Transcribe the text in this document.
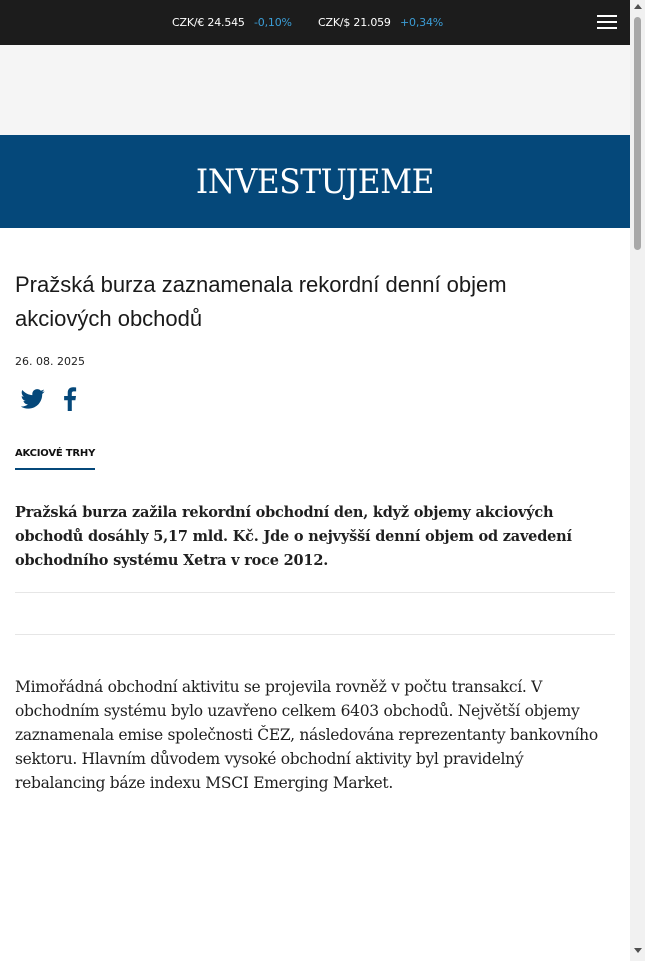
CZK/€ 24.545 -0,10% CZK/$ 21.059 +0,34%
INVESTUJEME
Pražská burza zaznamenala rekordní denní objem akciových obchodů
26. 08. 2025
AKCIOVÉ TRHY

Pražská burza zažila rekordní obchodní den, když objemy akciových obchodů dosáhly 5,17 mld. Kč. Jde o nejvyšší denní objem od zavedení obchodního systému Xetra v roce 2012.

Mimořádná obchodní aktivitu se projevila rovněž v počtu transakcí. V obchodním systému bylo uzavřeno celkem 6403 obchodů. Největší objemy zaznamenala emise společnosti ČEZ, následována reprezentanty bankovního sektoru. Hlavním důvodem vysoké obchodní aktivity byl pravidelný rebalancing báze indexu MSCI Emerging Market.
